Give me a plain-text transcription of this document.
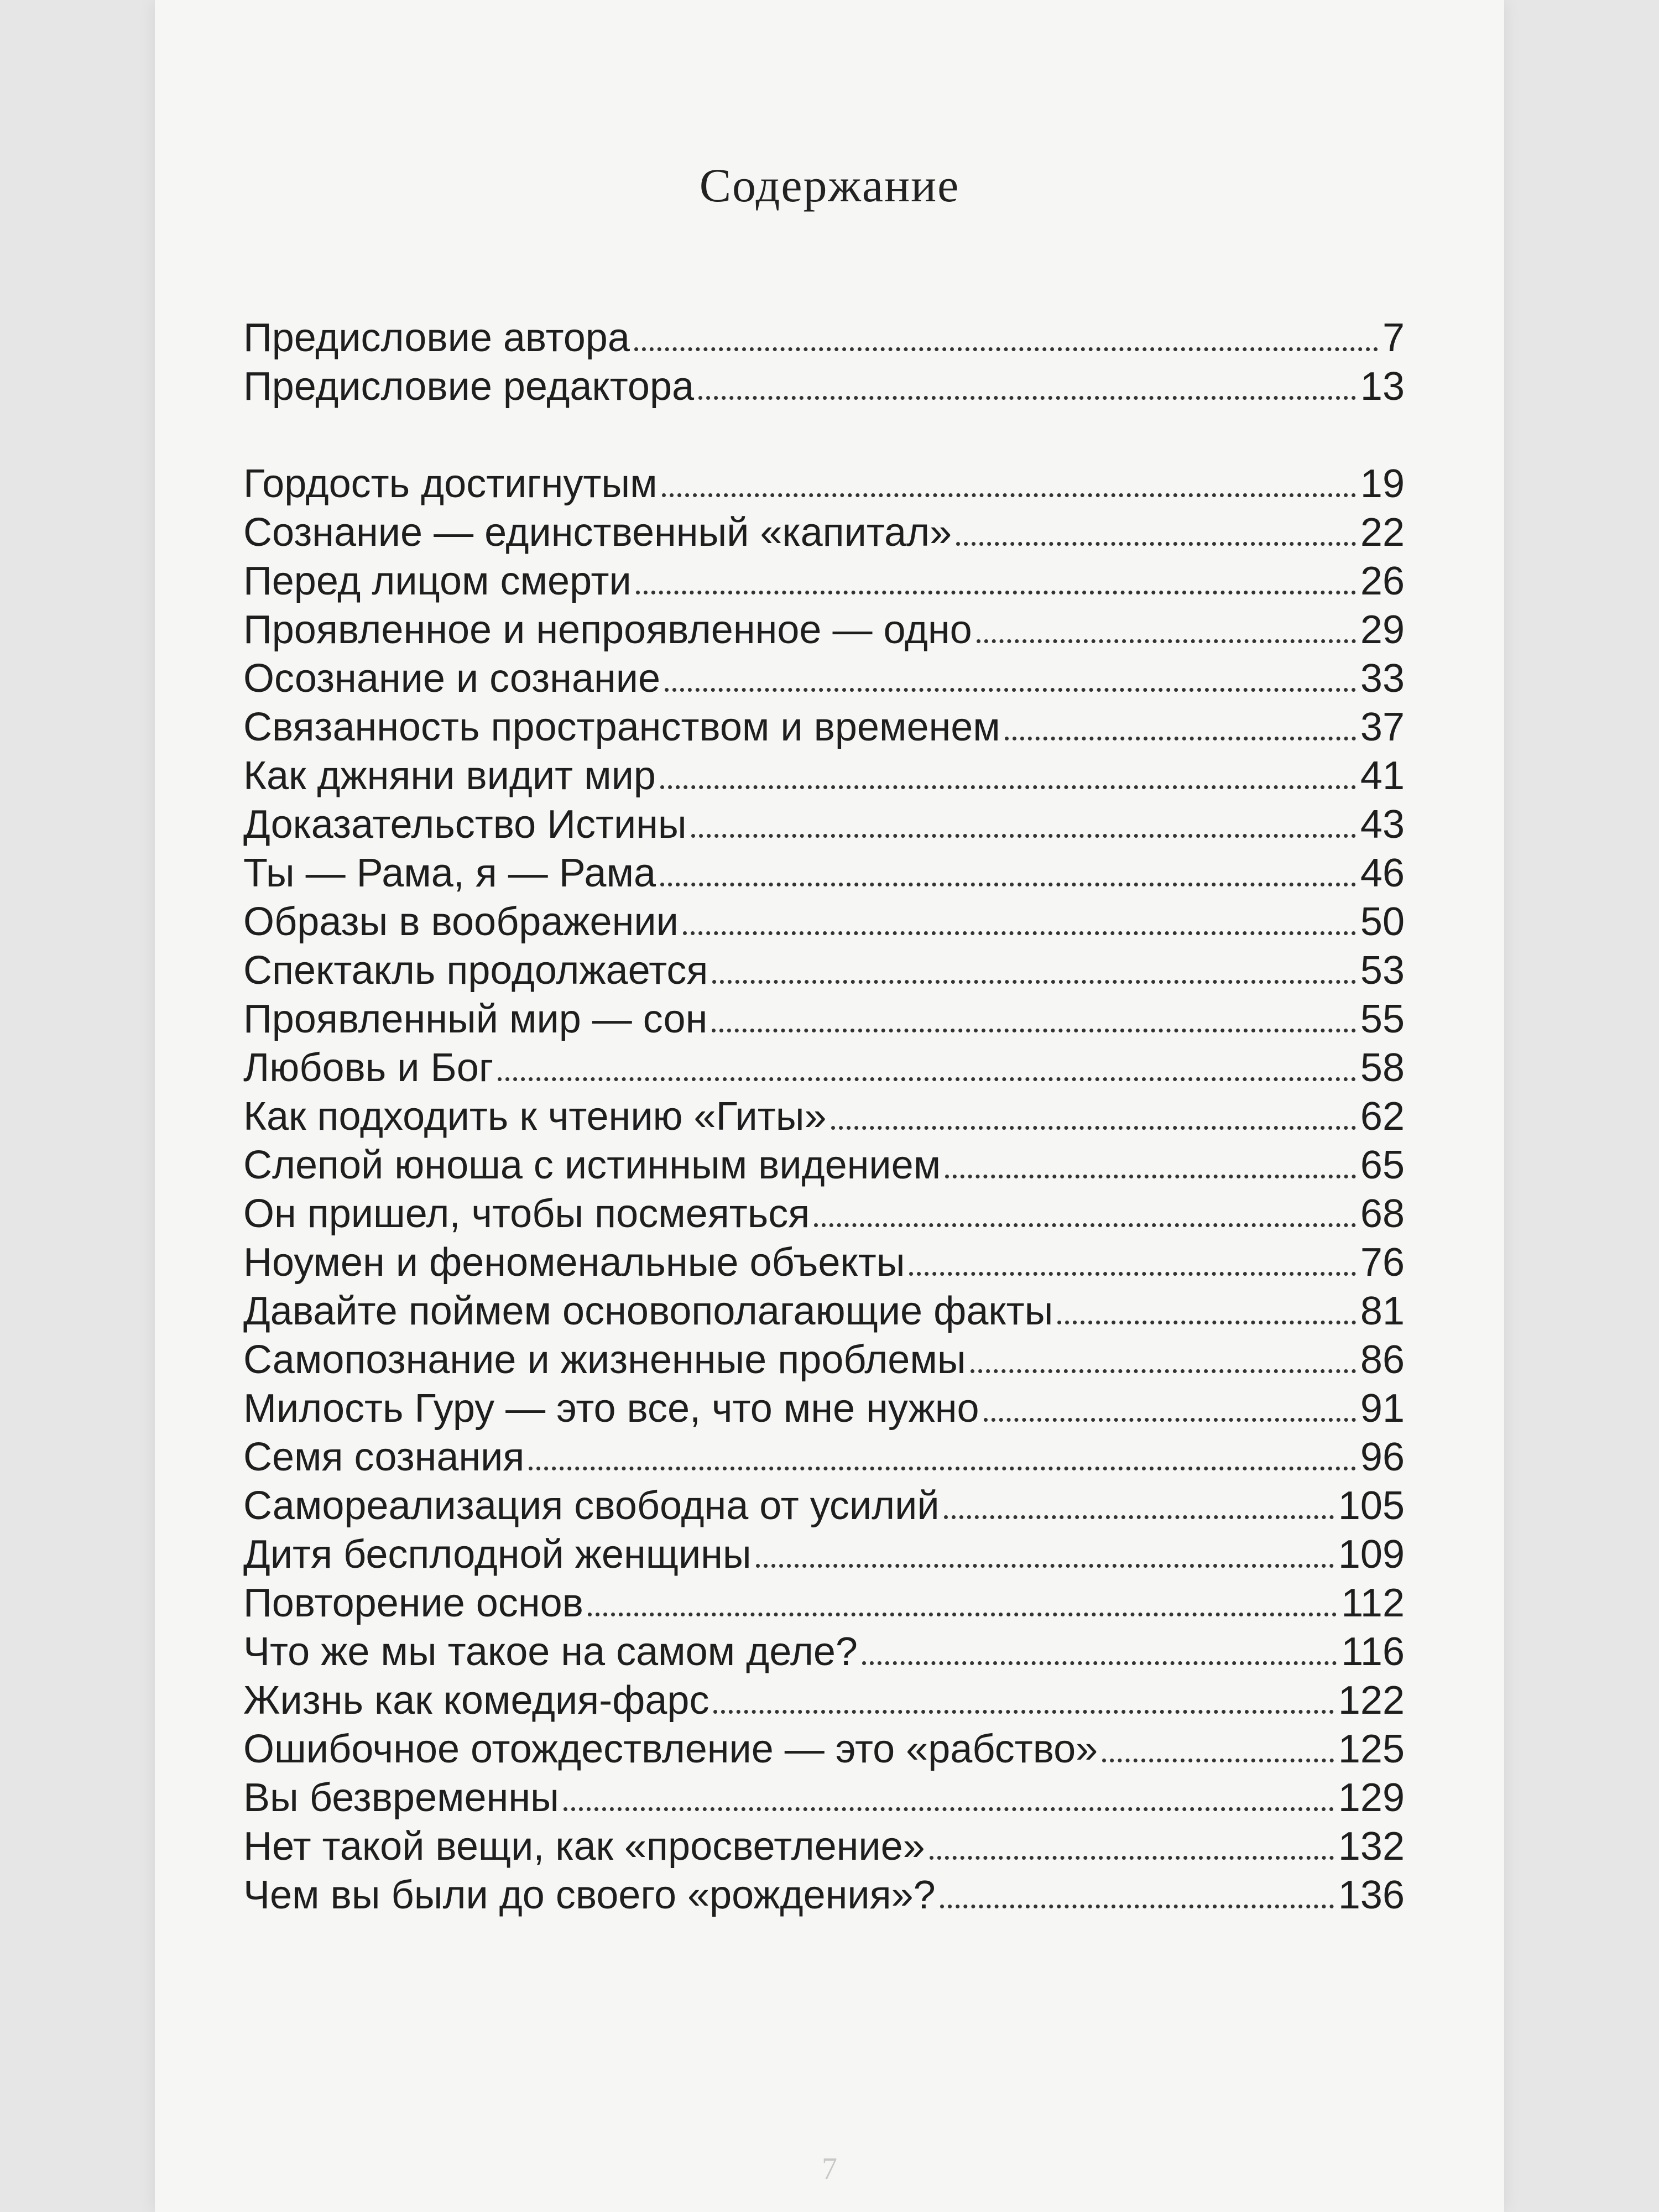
Содержание
Предисловие автора	7
Предисловие редактора	13
Гордость достигнутым	19
Сознание — единственный «капитал»	22
Перед лицом смерти	26
Проявленное и непроявленное — одно	29
Осознание и сознание	33
Связанность пространством и временем	37
Как джняни видит мир	41
Доказательство Истины	43
Ты — Рама, я — Рама	46
Образы в воображении	50
Спектакль продолжается	53
Проявленный мир — сон	55
Любовь и Бог	58
Как подходить к чтению «Гиты»	62
Слепой юноша с истинным видением	65
Он пришел, чтобы посмеяться	68
Ноумен и феноменальные объекты	76
Давайте поймем основополагающие факты	81
Самопознание и жизненные проблемы	86
Милость Гуру — это все, что мне нужно	91
Семя сознания	96
Самореализация свободна от усилий	105
Дитя бесплодной женщины	109
Повторение основ	112
Что же мы такое на самом деле?	116
Жизнь как комедия-фарс	122
Ошибочное отождествление — это «рабство»	125
Вы безвременны	129
Нет такой вещи, как «просветление»	132
Чем вы были до своего «рождения»?	136
7
